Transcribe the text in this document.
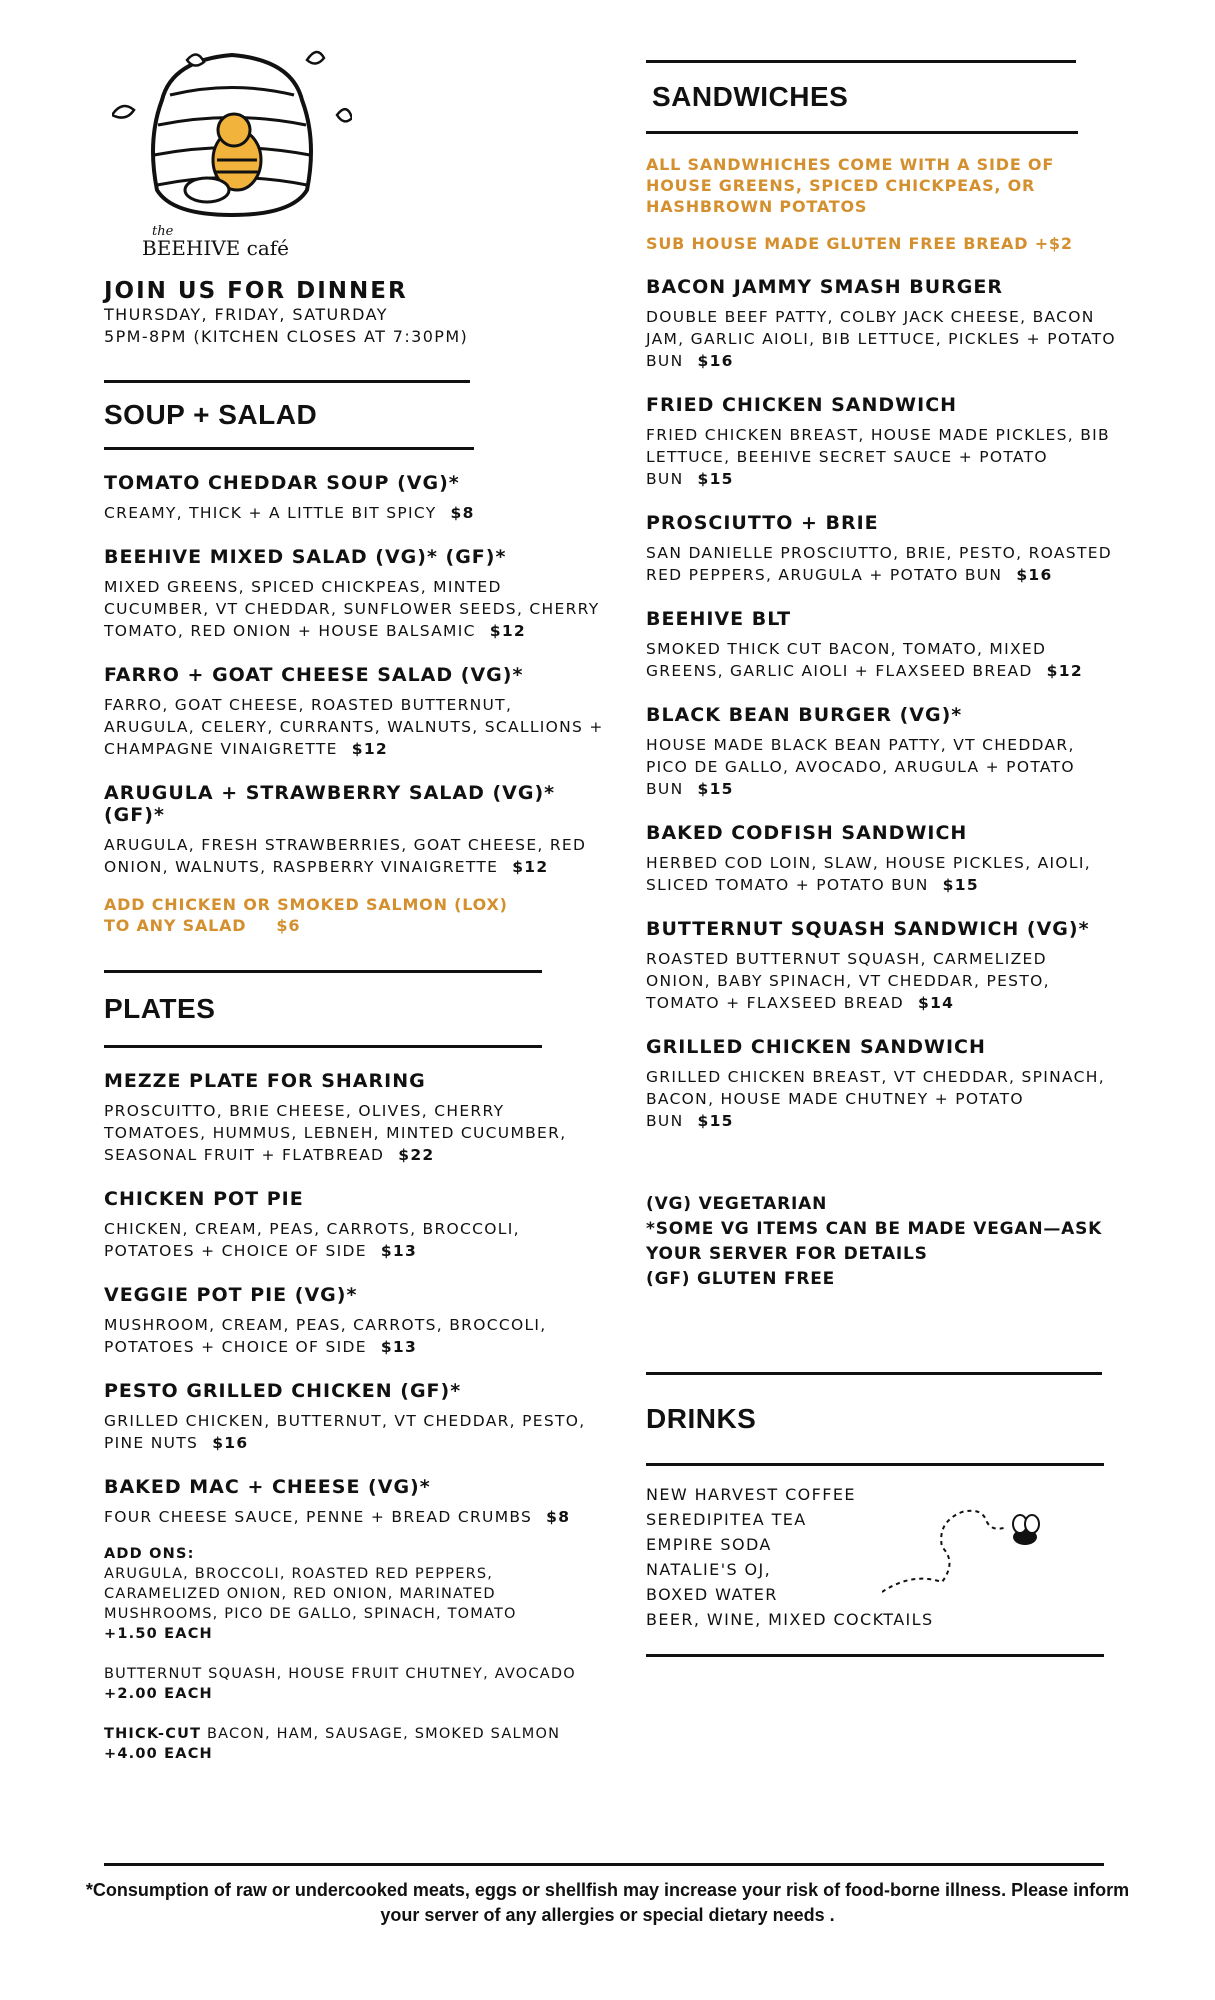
the
BEEHIVE café
JOIN US FOR DINNER
THURSDAY, FRIDAY, SATURDAY
5PM-8PM (KITCHEN CLOSES AT 7:30PM)
SOUP + SALAD
TOMATO CHEDDAR SOUP (VG)*
CREAMY, THICK + A LITTLE BIT SPICY $8
BEEHIVE MIXED SALAD (VG)* (GF)*
MIXED GREENS, SPICED CHICKPEAS, MINTED CUCUMBER, VT CHEDDAR, SUNFLOWER SEEDS, CHERRY TOMATO, RED ONION + HOUSE BALSAMIC $12
FARRO + GOAT CHEESE SALAD (VG)*
FARRO, GOAT CHEESE, ROASTED BUTTERNUT, ARUGULA, CELERY, CURRANTS, WALNUTS, SCALLIONS + CHAMPAGNE VINAIGRETTE $12
ARUGULA + STRAWBERRY SALAD (VG)* (GF)*
ARUGULA, FRESH STRAWBERRIES, GOAT CHEESE, RED ONION, WALNUTS, RASPBERRY VINAIGRETTE $12
ADD CHICKEN OR SMOKED SALMON (LOX)
TO ANY SALAD $6
PLATES
MEZZE PLATE FOR SHARING
PROSCUITTO, BRIE CHEESE, OLIVES, CHERRY TOMATOES, HUMMUS, LEBNEH, MINTED CUCUMBER, SEASONAL FRUIT + FLATBREAD $22
CHICKEN POT PIE
CHICKEN, CREAM, PEAS, CARROTS, BROCCOLI, POTATOES + CHOICE OF SIDE $13
VEGGIE POT PIE (VG)*
MUSHROOM, CREAM, PEAS, CARROTS, BROCCOLI, POTATOES + CHOICE OF SIDE $13
PESTO GRILLED CHICKEN (GF)*
GRILLED CHICKEN, BUTTERNUT, VT CHEDDAR, PESTO, PINE NUTS $16
BAKED MAC + CHEESE (VG)*
FOUR CHEESE SAUCE, PENNE + BREAD CRUMBS $8
ADD ONS:
ARUGULA, BROCCOLI, ROASTED RED PEPPERS, CARAMELIZED ONION, RED ONION, MARINATED MUSHROOMS, PICO DE GALLO, SPINACH, TOMATO
+1.50 EACH
BUTTERNUT SQUASH, HOUSE FRUIT CHUTNEY, AVOCADO
+2.00 EACH
THICK-CUT BACON, HAM, SAUSAGE, SMOKED SALMON
+4.00 EACH
SANDWICHES
ALL SANDWHICHES COME WITH A SIDE OF HOUSE GREENS, SPICED CHICKPEAS, OR HASHBROWN POTATOS
SUB HOUSE MADE GLUTEN FREE BREAD +$2
BACON JAMMY SMASH BURGER
DOUBLE BEEF PATTY, COLBY JACK CHEESE, BACON JAM, GARLIC AIOLI, BIB LETTUCE, PICKLES + POTATO BUN $16
FRIED CHICKEN SANDWICH
FRIED CHICKEN BREAST, HOUSE MADE PICKLES, BIB LETTUCE, BEEHIVE SECRET SAUCE + POTATO BUN $15
PROSCIUTTO + BRIE
SAN DANIELLE PROSCIUTTO, BRIE, PESTO, ROASTED RED PEPPERS, ARUGULA + POTATO BUN $16
BEEHIVE BLT
SMOKED THICK CUT BACON, TOMATO, MIXED GREENS, GARLIC AIOLI + FLAXSEED BREAD $12
BLACK BEAN BURGER (VG)*
HOUSE MADE BLACK BEAN PATTY, VT CHEDDAR, PICO DE GALLO, AVOCADO, ARUGULA + POTATO BUN $15
BAKED CODFISH SANDWICH
HERBED COD LOIN, SLAW, HOUSE PICKLES, AIOLI, SLICED TOMATO + POTATO BUN $15
BUTTERNUT SQUASH SANDWICH (VG)*
ROASTED BUTTERNUT SQUASH, CARMELIZED ONION, BABY SPINACH, VT CHEDDAR, PESTO, TOMATO + FLAXSEED BREAD $14
GRILLED CHICKEN SANDWICH
GRILLED CHICKEN BREAST, VT CHEDDAR, SPINACH, BACON, HOUSE MADE CHUTNEY + POTATO BUN $15
(VG) VEGETARIAN
*SOME VG ITEMS CAN BE MADE VEGAN—ASK YOUR SERVER FOR DETAILS
(GF) GLUTEN FREE
DRINKS
NEW HARVEST COFFEE
SEREDIPITEA TEA
EMPIRE SODA
NATALIE'S OJ,
BOXED WATER
BEER, WINE, MIXED COCKTAILS
*Consumption of raw or undercooked meats, eggs or shellfish may increase your risk of food-borne illness. Please inform your server of any allergies or special dietary needs .
